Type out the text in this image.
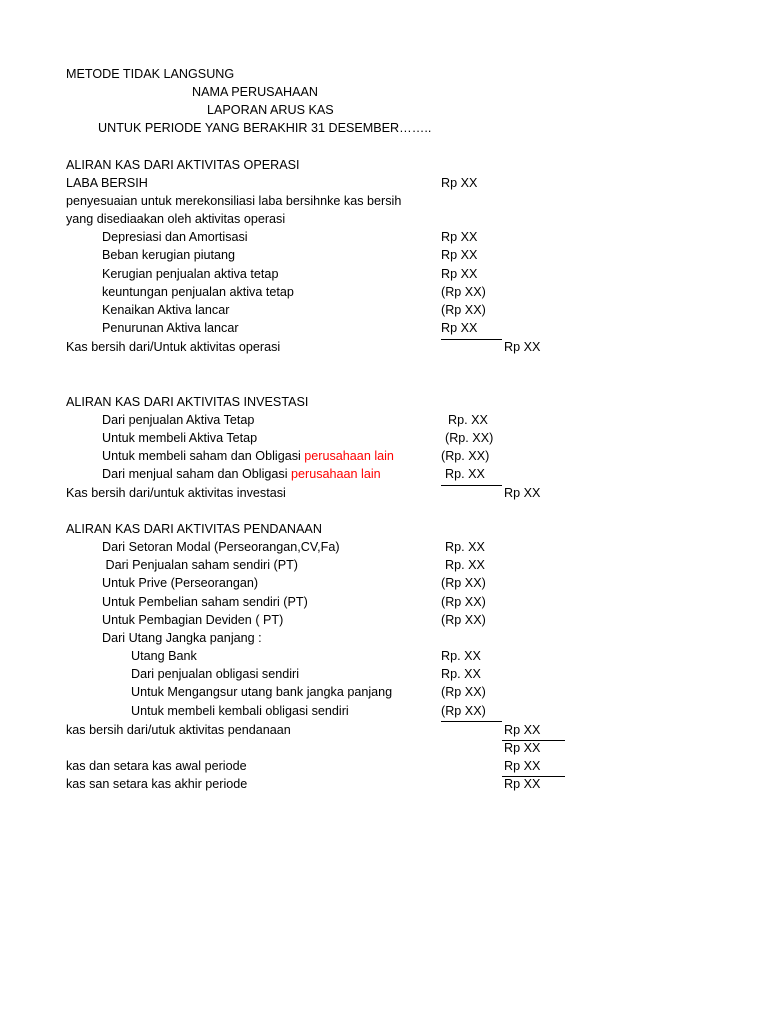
METODE TIDAK LANGSUNG
NAMA PERUSAHAAN
LAPORAN ARUS KAS
UNTUK PERIODE YANG BERAKHIR 31 DESEMBER……..
ALIRAN KAS DARI AKTIVITAS OPERASI
LABA BERSIH	Rp XX
penyesuaian untuk merekonsiliasi laba bersihnke kas bersih
yang disediaakan oleh aktivitas operasi
Depresiasi dan Amortisasi	Rp XX
Beban kerugian piutang	Rp XX
Kerugian penjualan aktiva tetap	Rp XX
keuntungan penjualan aktiva tetap	(Rp XX)
Kenaikan Aktiva lancar	(Rp XX)
Penurunan Aktiva lancar	Rp XX
Kas bersih dari/Untuk aktivitas operasi	Rp XX
ALIRAN KAS DARI AKTIVITAS INVESTASI
Dari penjualan Aktiva Tetap	Rp. XX
Untuk membeli Aktiva Tetap	(Rp. XX)
Untuk membeli saham dan Obligasi perusahaan lain	(Rp. XX)
Dari menjual saham dan Obligasi perusahaan lain	Rp. XX
Kas bersih dari/untuk aktivitas investasi	Rp XX
ALIRAN KAS DARI AKTIVITAS PENDANAAN
Dari Setoran Modal (Perseorangan,CV,Fa)	Rp. XX
Dari Penjualan saham sendiri (PT)	Rp. XX
Untuk Prive (Perseorangan)	(Rp XX)
Untuk Pembelian saham sendiri (PT)	(Rp XX)
Untuk Pembagian Deviden ( PT)	(Rp XX)
Dari Utang Jangka panjang :
Utang Bank	Rp. XX
Dari penjualan obligasi sendiri	Rp. XX
Untuk Mengangsur utang bank jangka panjang	(Rp XX)
Untuk membeli kembali obligasi sendiri	(Rp XX)
kas bersih dari/utuk aktivitas pendanaan	Rp XX
Rp XX
kas dan setara kas awal periode	Rp XX
kas san setara kas akhir periode	Rp XX
